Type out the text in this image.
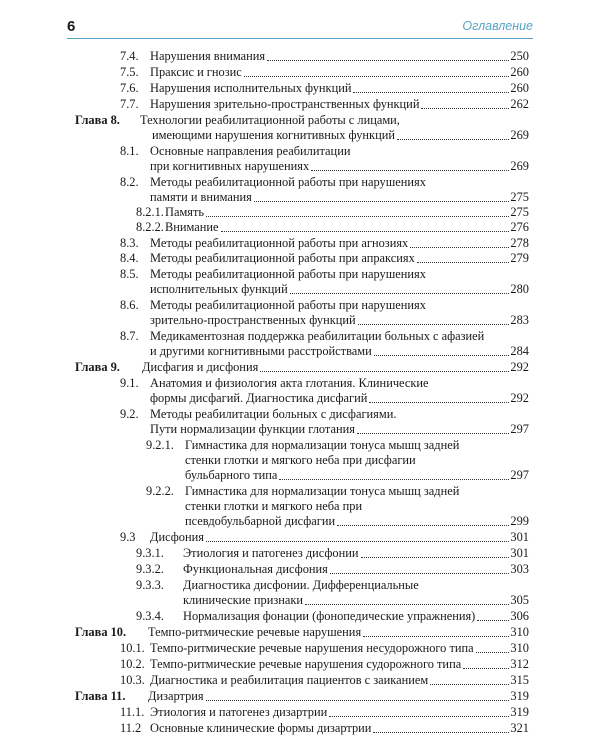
6	Оглавление
7.4. Нарушения внимания	250
7.5. Праксис и гнозис	260
7.6. Нарушения исполнительных функций	260
7.7. Нарушения зрительно-пространственных функций	262
Глава 8. Технологии реабилитационной работы с лицами,
имеющими нарушения когнитивных функций	269
8.1. Основные направления реабилитации
при когнитивных нарушениях	269
8.2. Методы реабилитационной работы при нарушениях
памяти и внимания	275
8.2.1. Память	275
8.2.2. Внимание	276
8.3. Методы реабилитационной работы при агнозиях	278
8.4. Методы реабилитационной работы при апраксиях	279
8.5. Методы реабилитационной работы при нарушениях
исполнительных функций	280
8.6. Методы реабилитационной работы при нарушениях
зрительно-пространственных функций	283
8.7. Медикаментозная поддержка реабилитации больных с афазией
и другими когнитивными расстройствами	284
Глава 9. Дисфагия и дисфония	292
9.1. Анатомия и физиология акта глотания. Клинические
формы дисфагий. Диагностика дисфагий	292
9.2. Методы реабилитации больных с дисфагиями.
Пути нормализации функции глотания	297
9.2.1. Гимнастика для нормализации тонуса мышц задней
стенки глотки и мягкого неба при дисфагии
бульбарного типа	297
9.2.2. Гимнастика для нормализации тонуса мышц задней
стенки глотки и мягкого неба при
псевдобульбарной дисфагии	299
9.3 Дисфония	301
9.3.1. Этиология и патогенез дисфонии	301
9.3.2. Функциональная дисфония	303
9.3.3. Диагностика дисфонии. Дифференциальные
клинические признаки	305
9.3.4. Нормализация фонации (фонопедические упражнения)	306
Глава 10. Темпо-ритмические речевые нарушения	310
10.1. Темпо-ритмические речевые нарушения несудорожного типа	310
10.2. Темпо-ритмические речевые нарушения судорожного типа	312
10.3. Диагностика и реабилитация пациентов с заиканием	315
Глава 11. Дизартрия	319
11.1. Этиология и патогенез дизартрии	319
11.2 Основные клинические формы дизартрии	321
